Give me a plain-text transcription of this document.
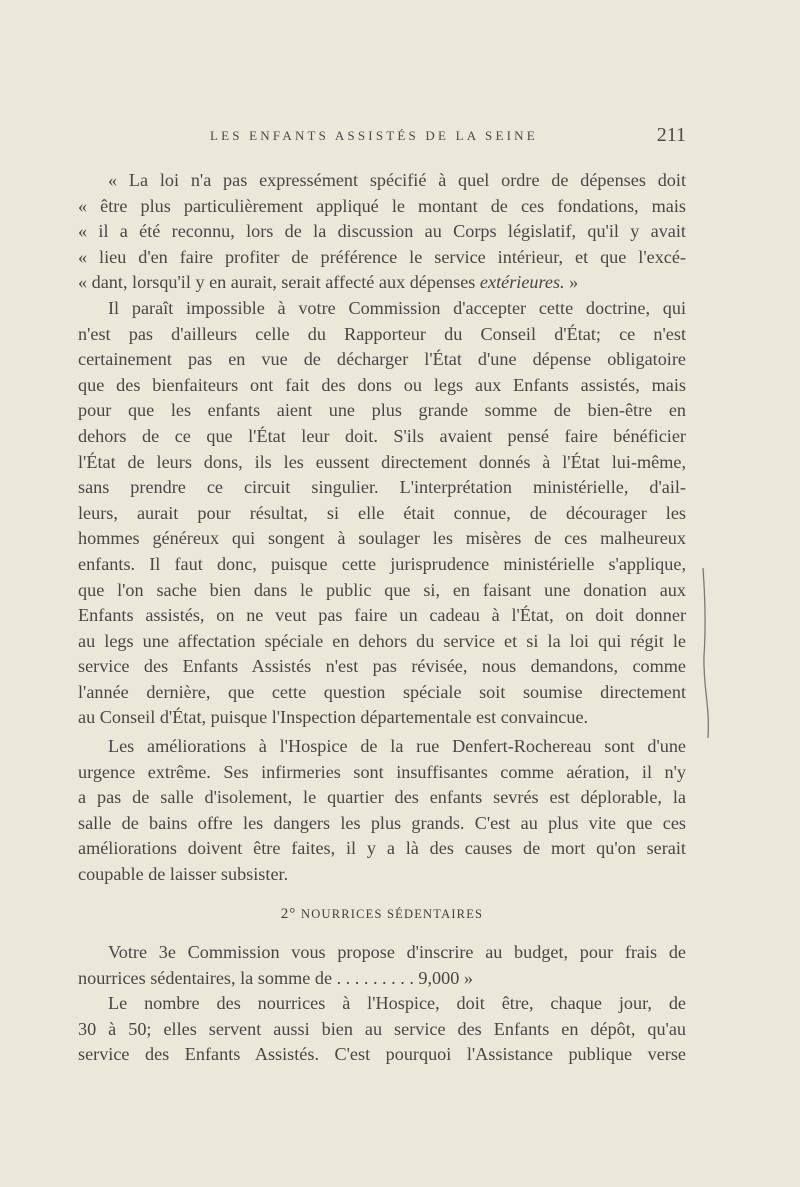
LES ENFANTS ASSISTÉS DE LA SEINE	211
« La loi n'a pas expressément spécifié à quel ordre de dépenses doit
« être plus particulièrement appliqué le montant de ces fondations, mais
« il a été reconnu, lors de la discussion au Corps législatif, qu'il y avait
« lieu d'en faire profiter de préférence le service intérieur, et que l'excé-
« dant, lorsqu'il y en aurait, serait affecté aux dépenses extérieures. »
Il paraît impossible à votre Commission d'accepter cette doctrine, qui
n'est pas d'ailleurs celle du Rapporteur du Conseil d'État; ce n'est
certainement pas en vue de décharger l'État d'une dépense obligatoire
que des bienfaiteurs ont fait des dons ou legs aux Enfants assistés, mais
pour que les enfants aient une plus grande somme de bien-être en
dehors de ce que l'État leur doit. S'ils avaient pensé faire bénéficier
l'État de leurs dons, ils les eussent directement donnés à l'État lui-même,
sans prendre ce circuit singulier. L'interprétation ministérielle, d'ail-
leurs, aurait pour résultat, si elle était connue, de décourager les
hommes généreux qui songent à soulager les misères de ces malheureux
enfants. Il faut donc, puisque cette jurisprudence ministérielle s'applique,
que l'on sache bien dans le public que si, en faisant une donation aux
Enfants assistés, on ne veut pas faire un cadeau à l'État, on doit donner
au legs une affectation spéciale en dehors du service et si la loi qui régit le
service des Enfants Assistés n'est pas révisée, nous demandons, comme
l'année dernière, que cette question spéciale soit soumise directement
au Conseil d'État, puisque l'Inspection départementale est convaincue.
Les améliorations à l'Hospice de la rue Denfert-Rochereau sont d'une
urgence extrême. Ses infirmeries sont insuffisantes comme aération, il n'y
a pas de salle d'isolement, le quartier des enfants sevrés est déplorable, la
salle de bains offre les dangers les plus grands. C'est au plus vite que ces
améliorations doivent être faites, il y a là des causes de mort qu'on serait
coupable de laisser subsister.
2° NOURRICES SÉDENTAIRES
Votre 3e Commission vous propose d'inscrire au budget, pour frais de
nourrices sédentaires, la somme de . . . . . . . . . 9,000 »
Le nombre des nourrices à l'Hospice, doit être, chaque jour, de
30 à 50; elles servent aussi bien au service des Enfants en dépôt, qu'au
service des Enfants Assistés. C'est pourquoi l'Assistance publique verse
